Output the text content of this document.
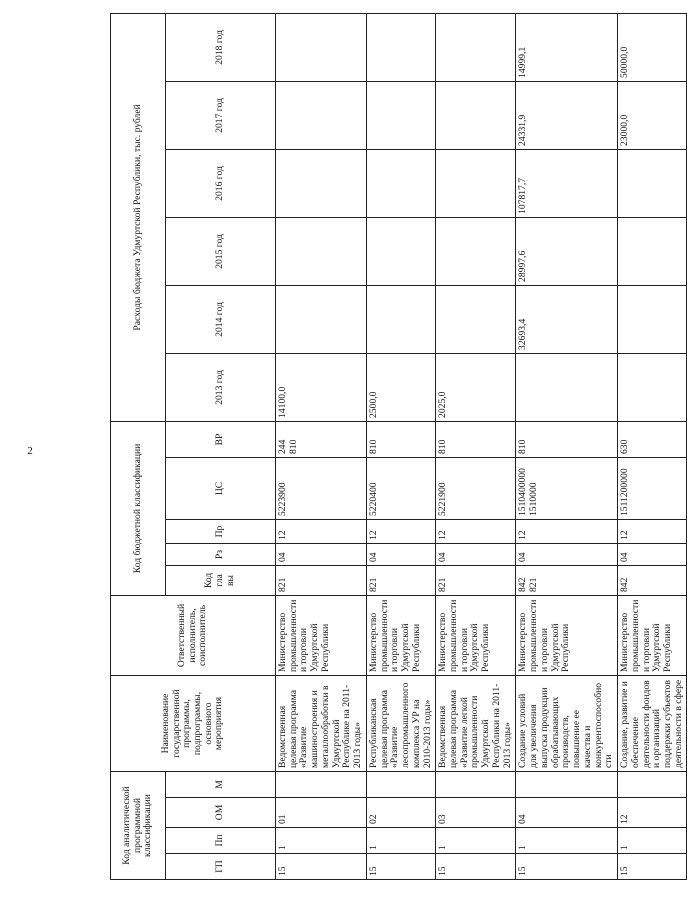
2
Код аналитической программной классификации				Наименование государственной программы, подпрограммы, основного мероприятия	Ответственный исполнитель, соисполнитель	Код бюджетной классификации					Расходы бюджета Удмуртской Республики, тыс. рублей					
ГП	Пп	ОМ	М			Код гла вы	Рз	Пр	ЦС	ВР	2013 год	2014 год	2015 год	2016 год	2017 год	2018 год
15	1	01		Ведомственная целевая программа «Развитие машиностроения и металлообработки в Удмуртской Республике на 2011-2013 годы»	Министерство промышленности и торговли Удмуртской Республики	821	04	12	5223900	244 810	14100,0					
15	1	02		Республиканская целевая программа «Развитие лесопромышленного комплекса УР на 2010-2013 годы»	Министерство промышленности и торговли Удмуртской Республики	821	04	12	5220400	810	2500,0					
15	1	03		Ведомственная целевая программа «Развитие легкой промышленности Удмуртской Республики на 2011-2013 годы»	Министерство промышленности и торговли Удмуртской Республики	821	04	12	5221900	810	2025,0					
15	1	04		Создание условий для увеличения выпуска продукции обрабатывающих производств, повышение ее качества и конкурентоспособности	Министерство промышленности и торговли Удмуртской Республики	842 821	04	12	1510400000 1510000	810		32693,4	28997,6	107817,7	24331,9	14999,1
15	1	12		Создание, развитие и обеспечение деятельности фондов и организаций поддержки субъектов деятельности в сфере	Министерство промышленности и торговли Удмуртской Республики	842	04	12	1511200000	630					23000,0	50000,0
